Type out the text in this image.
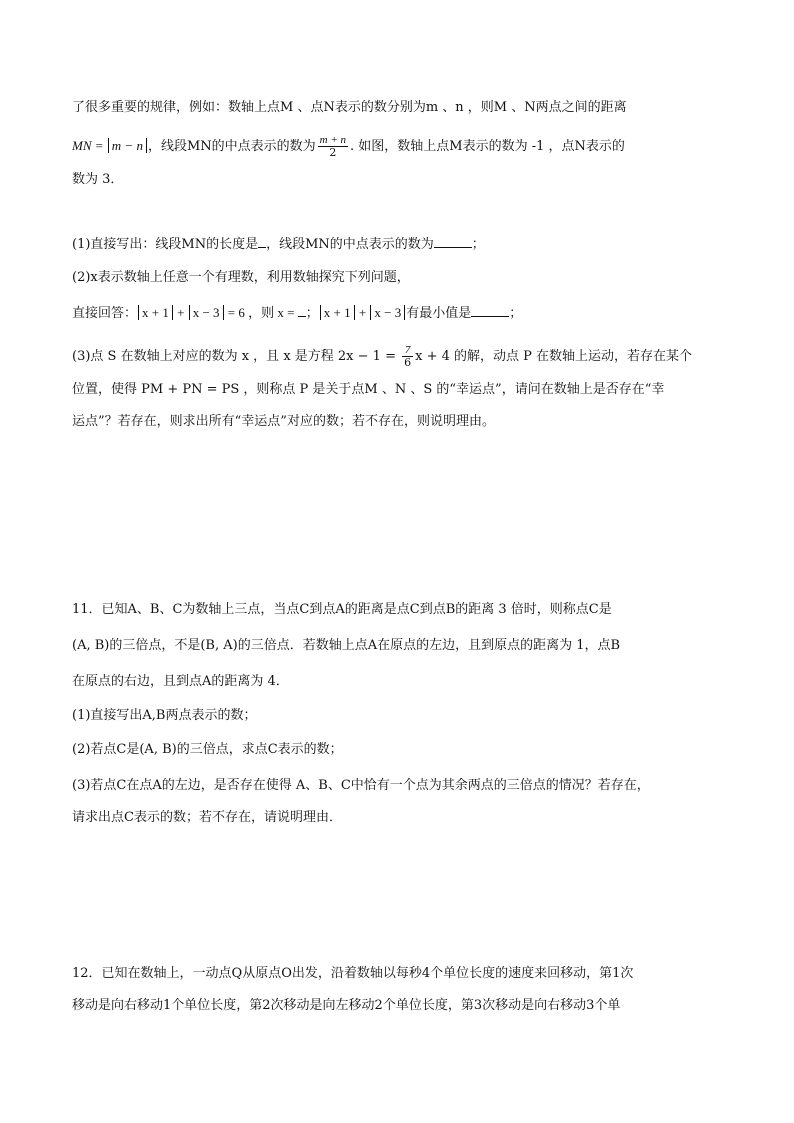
了很多重要的规律，例如：数轴上点M 、点N表示的数分别为m 、n ，则M 、N两点之间的距离
MN = m − n ，线段MN的中点表示的数为 $\frac{m + n}{2}$ . 如图，数轴上点M表示的数为 -1 ，点N表示的
数为 3．
(1)直接写出：线段MN的长度是 ，线段MN的中点表示的数为	；
(2)x表示数轴上任意一个有理数，利用数轴探究下列问题，
直接回答： x + 1 + x − 3 = 6 ，则 x = ； x + 1 + x − 3 有最小值是	；
(3)点 S 在数轴上对应的数为 x ，且 x 是方程 $2x - 1 = \frac{7}{6}$ x + 4 的解，动点 P 在数轴上运动，若存在某个
位置，使得 PM + PN = PS ，则称点 P 是关于点M 、N 、S 的“幸运点”，请问在数轴上是否存在“幸
运点”？若存在，则求出所有“幸运点”对应的数；若不存在，则说明理由。
11．已知A、B、C为数轴上三点，当点C到点A的距离是点C到点B的距离 3 倍时，则称点C是
(A, B)的三倍点，不是(B, A)的三倍点．若数轴上点A在原点的左边，且到原点的距离为 1，点B
在原点的右边，且到点A的距离为 4．
(1)直接写出A,B两点表示的数；
(2)若点C是(A, B)的三倍点，求点C表示的数；
(3)若点C在点A的左边，是否存在使得 A、B、C中恰有一个点为其余两点的三倍点的情况？若存在，
请求出点C表示的数；若不存在，请说明理由．
12．已知在数轴上，一动点Q从原点O出发，沿着数轴以每秒4个单位长度的速度来回移动，第1次
移动是向右移动1个单位长度，第2次移动是向左移动2个单位长度，第3次移动是向右移动3个单
